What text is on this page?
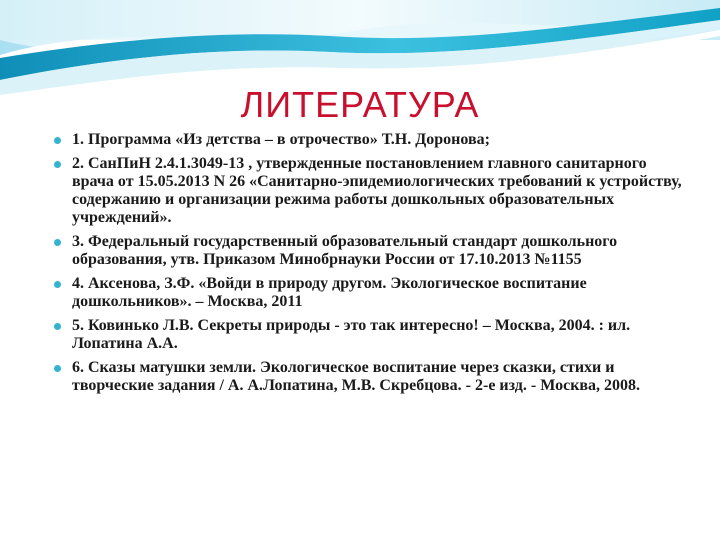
ЛИТЕРАТУРА
1. Программа «Из детства – в отрочество» Т.Н. Доронова;
2. СанПиН 2.4.1.3049-13 , утвержденные постановлением главного санитарного врача от 15.05.2013 N 26 «Санитарно-эпидемиологических требований к устройству, содержанию и организации режима работы дошкольных образовательных учреждений».
3. Федеральный государственный образовательный стандарт дошкольного образования, утв. Приказом Минобрнауки России от 17.10.2013 №1155
4. Аксенова, З.Ф. «Войди в природу другом. Экологическое воспитание дошкольников». – Москва, 2011
5. Ковинько Л.В. Секреты природы - это так интересно! – Москва, 2004. : ил. Лопатина А.А.
6. Сказы матушки земли. Экологическое воспитание через сказки, стихи и творческие задания / А. А.Лопатина, М.В. Скребцова. - 2-е изд. - Москва, 2008.
